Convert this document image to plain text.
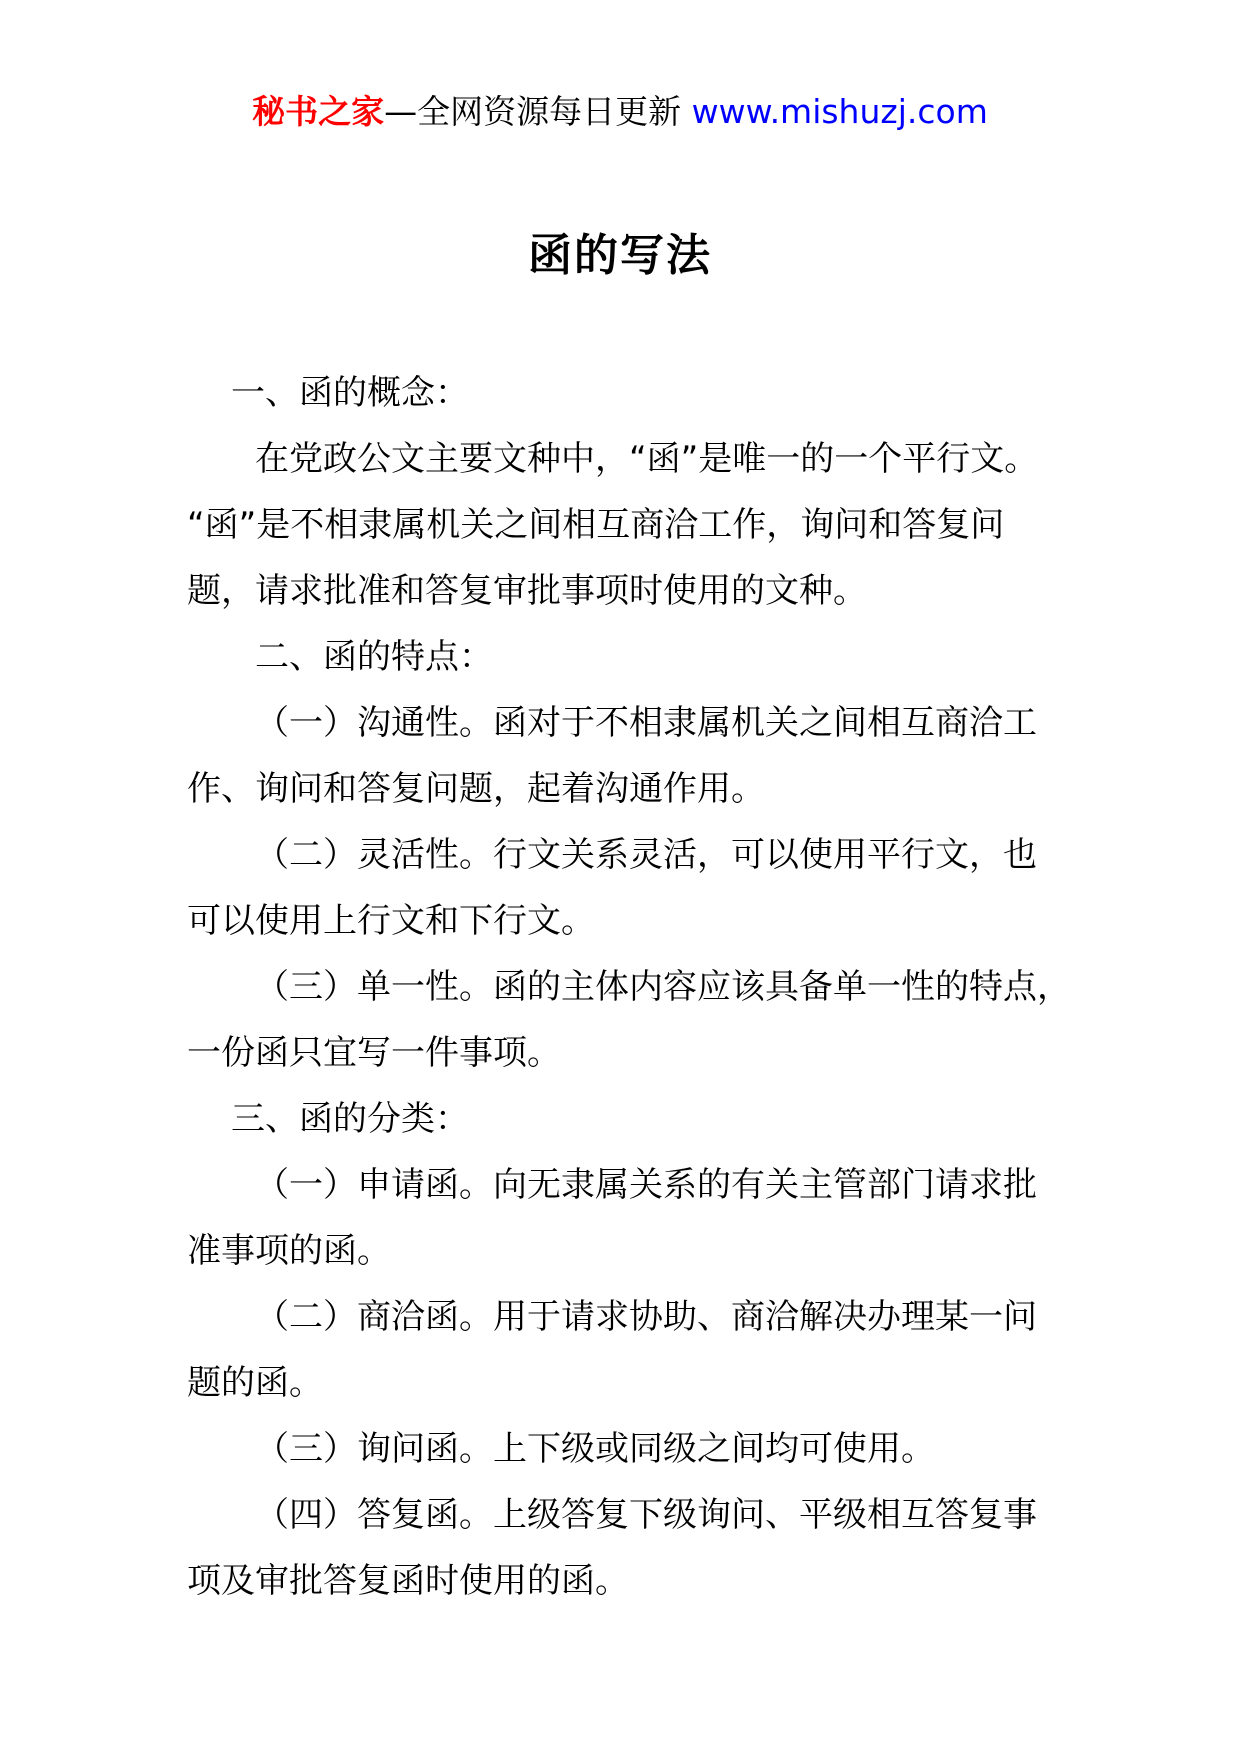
秘书之家—全网资源每日更新 www.mishuzj.com
函的写法

一、函的概念：

在党政公文主要文种中，“函”是唯一的一个平行文。
“函”是不相隶属机关之间相互商洽工作，询问和答复问
题，请求批准和答复审批事项时使用的文种。

二、函的特点：

（一）沟通性。函对于不相隶属机关之间相互商洽工
作、询问和答复问题，起着沟通作用。

（二）灵活性。行文关系灵活，可以使用平行文，也
可以使用上行文和下行文。

（三）单一性。函的主体内容应该具备单一性的特点，
一份函只宜写一件事项。

三、函的分类：

（一）申请函。向无隶属关系的有关主管部门请求批
准事项的函。

（二）商洽函。用于请求协助、商洽解决办理某一问
题的函。

（三）询问函。上下级或同级之间均可使用。

（四）答复函。上级答复下级询问、平级相互答复事
项及审批答复函时使用的函。
